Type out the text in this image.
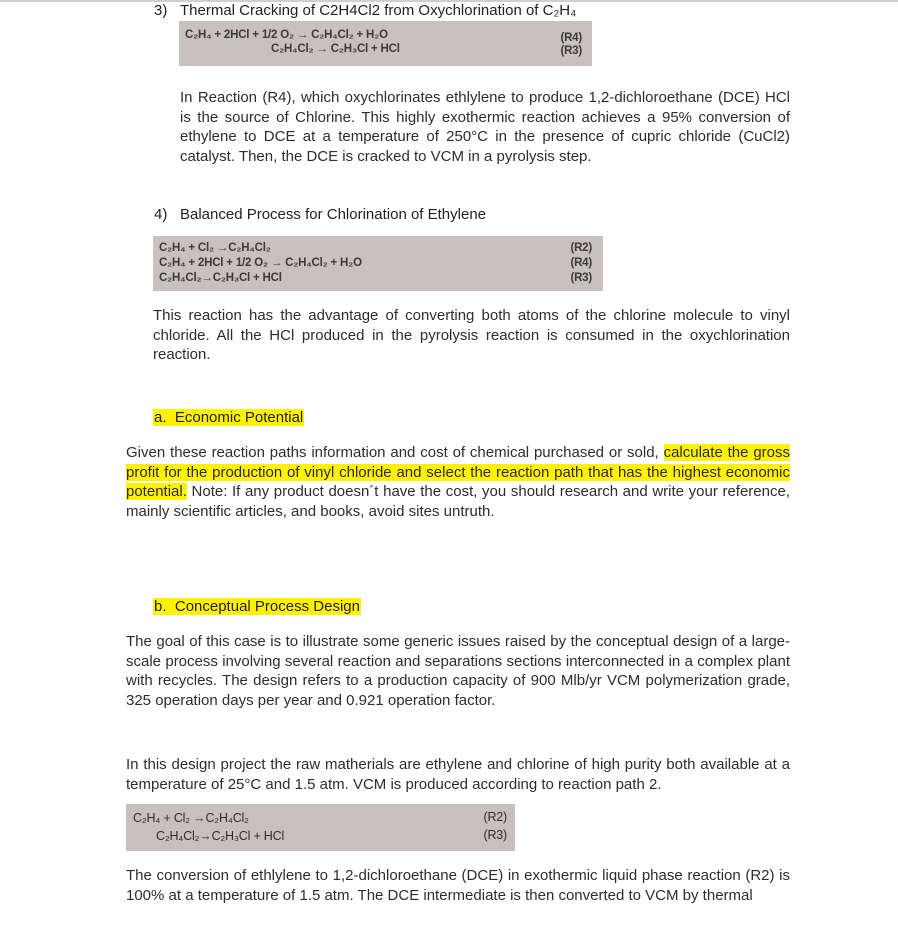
3) Thermal Cracking of C2H4Cl2 from Oxychlorination of C₂H₄
C₂H₄ + 2HCl + 1/2 O₂ → C₂H₄Cl₂ + H₂O	(R4)
C₂H₄Cl₂ → C₂H₃Cl + HCl	(R3)
In Reaction (R4), which oxychlorinates ethlylene to produce 1,2-dichloroethane (DCE) HCl is the source of Chlorine. This highly exothermic reaction achieves a 95% conversion of ethylene to DCE at a temperature of 250°C in the presence of cupric chloride (CuCl2) catalyst. Then, the DCE is cracked to VCM in a pyrolysis step.
4) Balanced Process for Chlorination of Ethylene
C₂H₄ + Cl₂ →C₂H₄Cl₂	(R2)
C₂H₄ + 2HCl + 1/2 O₂ → C₂H₄Cl₂ + H₂O	(R4)
C₂H₄Cl₂→C₂H₃Cl + HCl	(R3)
This reaction has the advantage of converting both atoms of the chlorine molecule to vinyl chloride. All the HCl produced in the pyrolysis reaction is consumed in the oxychlorination reaction.
a. Economic Potential
Given these reaction paths information and cost of chemical purchased or sold, calculate the gross profit for the production of vinyl chloride and select the reaction path that has the highest economic potential. Note: If any product doesn´t have the cost, you should research and write your reference, mainly scientific articles, and books, avoid sites untruth.
b. Conceptual Process Design
The goal of this case is to illustrate some generic issues raised by the conceptual design of a large-scale process involving several reaction and separations sections interconnected in a complex plant with recycles. The design refers to a production capacity of 900 Mlb/yr VCM polymerization grade, 325 operation days per year and 0.921 operation factor.
In this design project the raw matherials are ethylene and chlorine of high purity both available at a temperature of 25°C and 1.5 atm. VCM is produced according to reaction path 2.
C₂H₄ + Cl₂ →C₂H₄Cl₂	(R2)
C₂H₄Cl₂→C₂H₃Cl + HCl	(R3)
The conversion of ethlylene to 1,2-dichloroethane (DCE) in exothermic liquid phase reaction (R2) is 100% at a temperature of 1.5 atm. The DCE intermediate is then converted to VCM by thermal
